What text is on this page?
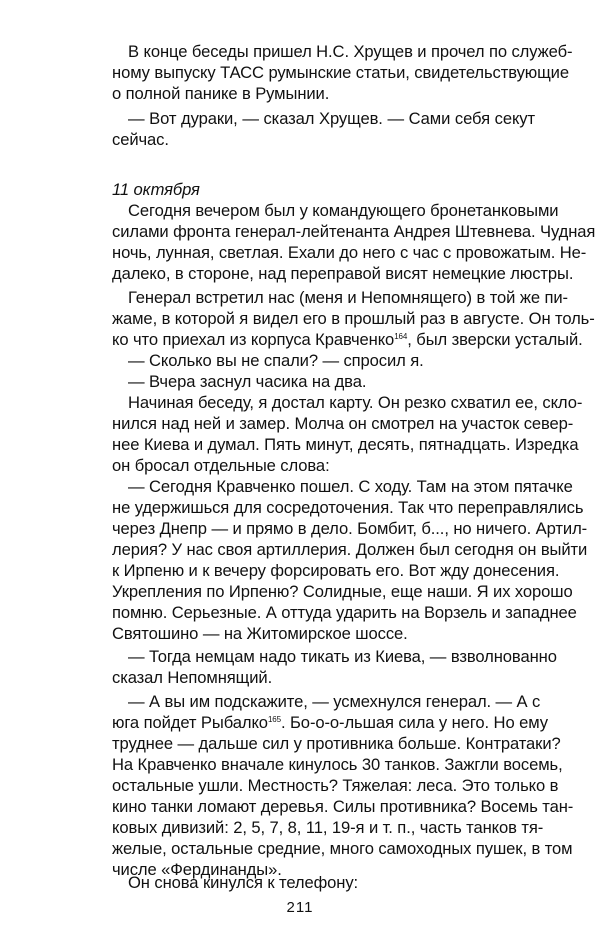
В конце беседы пришел Н.С. Хрущев и прочел по служеб-
ному выпуску ТАСС румынские статьи, свидетельствующие
о полной панике в Румынии.
— Вот дураки, — сказал Хрущев. — Сами себя секут
сейчас.
11 октября
Сегодня вечером был у командующего бронетанковыми
силами фронта генерал-лейтенанта Андрея Штевнева. Чудная
ночь, лунная, светлая. Ехали до него с час с провожатым. Не-
далеко, в стороне, над переправой висят немецкие люстры.
Генерал встретил нас (меня и Непомнящего) в той же пи-
жаме, в которой я видел его в прошлый раз в августе. Он толь-
ко что приехал из корпуса Кравченко$^{164}$, был зверски усталый.
— Сколько вы не спали? — спросил я.
— Вчера заснул часика на два.
Начиная беседу, я достал карту. Он резко схватил ее, скло-
нился над ней и замер. Молча он смотрел на участок север-
нее Киева и думал. Пять минут, десять, пятнадцать. Изредка
он бросал отдельные слова:
— Сегодня Кравченко пошел. С ходу. Там на этом пятачке
не удержишься для сосредоточения. Так что переправлялись
через Днепр — и прямо в дело. Бомбит, б..., но ничего. Артил-
лерия? У нас своя артиллерия. Должен был сегодня он выйти
к Ирпеню и к вечеру форсировать его. Вот жду донесения.
Укрепления по Ирпеню? Солидные, еще наши. Я их хорошо
помню. Серьезные. А оттуда ударить на Ворзель и западнее
Святошино — на Житомирское шоссе.
— Тогда немцам надо тикать из Киева, — взволнованно
сказал Непомнящий.
— А вы им подскажите, — усмехнулся генерал. — А с
юга пойдет Рыбалко$^{165}$. Бо-о-о-льшая сила у него. Но ему
труднее — дальше сил у противника больше. Контратаки?
На Кравченко вначале кинулось 30 танков. Зажгли восемь,
остальные ушли. Местность? Тяжелая: леса. Это только в
кино танки ломают деревья. Силы противника? Восемь тан-
ковых дивизий: 2, 5, 7, 8, 11, 19-я и т. п., часть танков тя-
желые, остальные средние, много самоходных пушек, в том
числе «Фердинанды».
Он снова кинулся к телефону:
211
